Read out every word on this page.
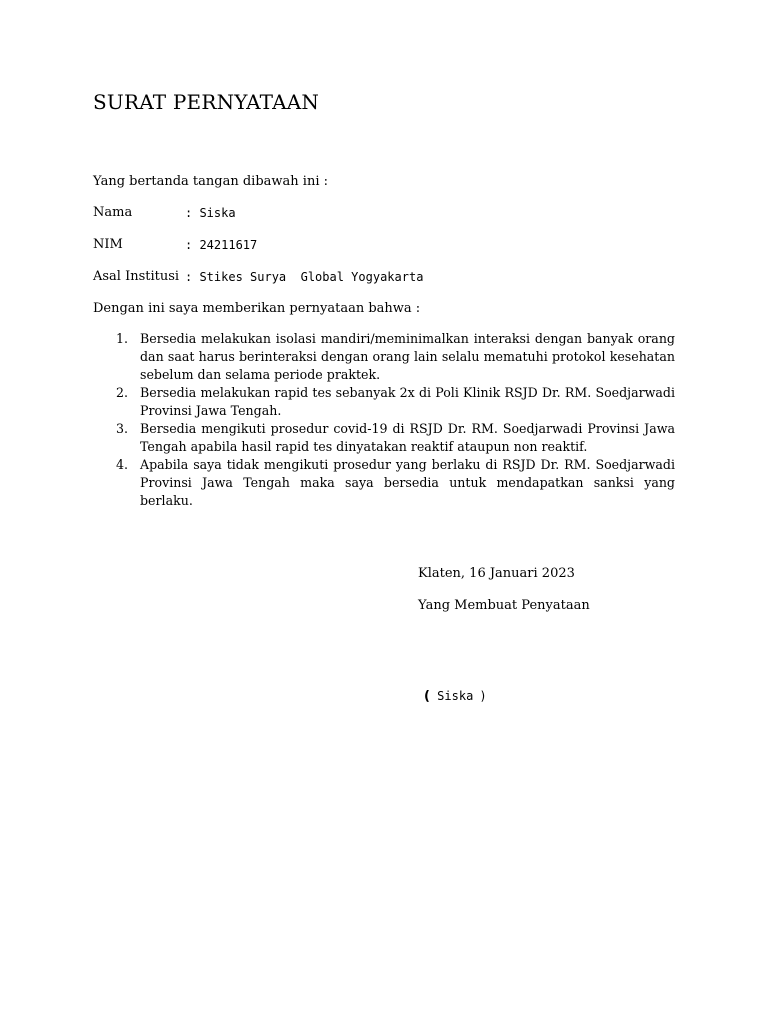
SURAT PERNYATAAN
Yang bertanda tangan dibawah ini :
Nama	: Siska
NIM	: 24211617
Asal Institusi : Stikes Surya  Global Yogyakarta
Dengan ini saya memberikan pernyataan bahwa :
1. Bersedia melakukan isolasi mandiri/meminimalkan interaksi dengan banyak orang dan saat harus berinteraksi dengan orang lain selalu mematuhi protokol kesehatan sebelum dan selama periode praktek.
2. Bersedia melakukan rapid tes sebanyak 2x di Poli Klinik RSJD Dr. RM. Soedjarwadi Provinsi Jawa Tengah.
3. Bersedia mengikuti prosedur covid-19 di RSJD Dr. RM. Soedjarwadi Provinsi Jawa Tengah apabila hasil rapid tes dinyatakan reaktif ataupun non reaktif.
4. Apabila saya tidak mengikuti prosedur yang berlaku di RSJD Dr. RM. Soedjarwadi Provinsi Jawa Tengah maka saya bersedia untuk mendapatkan sanksi yang berlaku.
Klaten, 16 Januari 2023
Yang Membuat Penyataan
( Siska )
